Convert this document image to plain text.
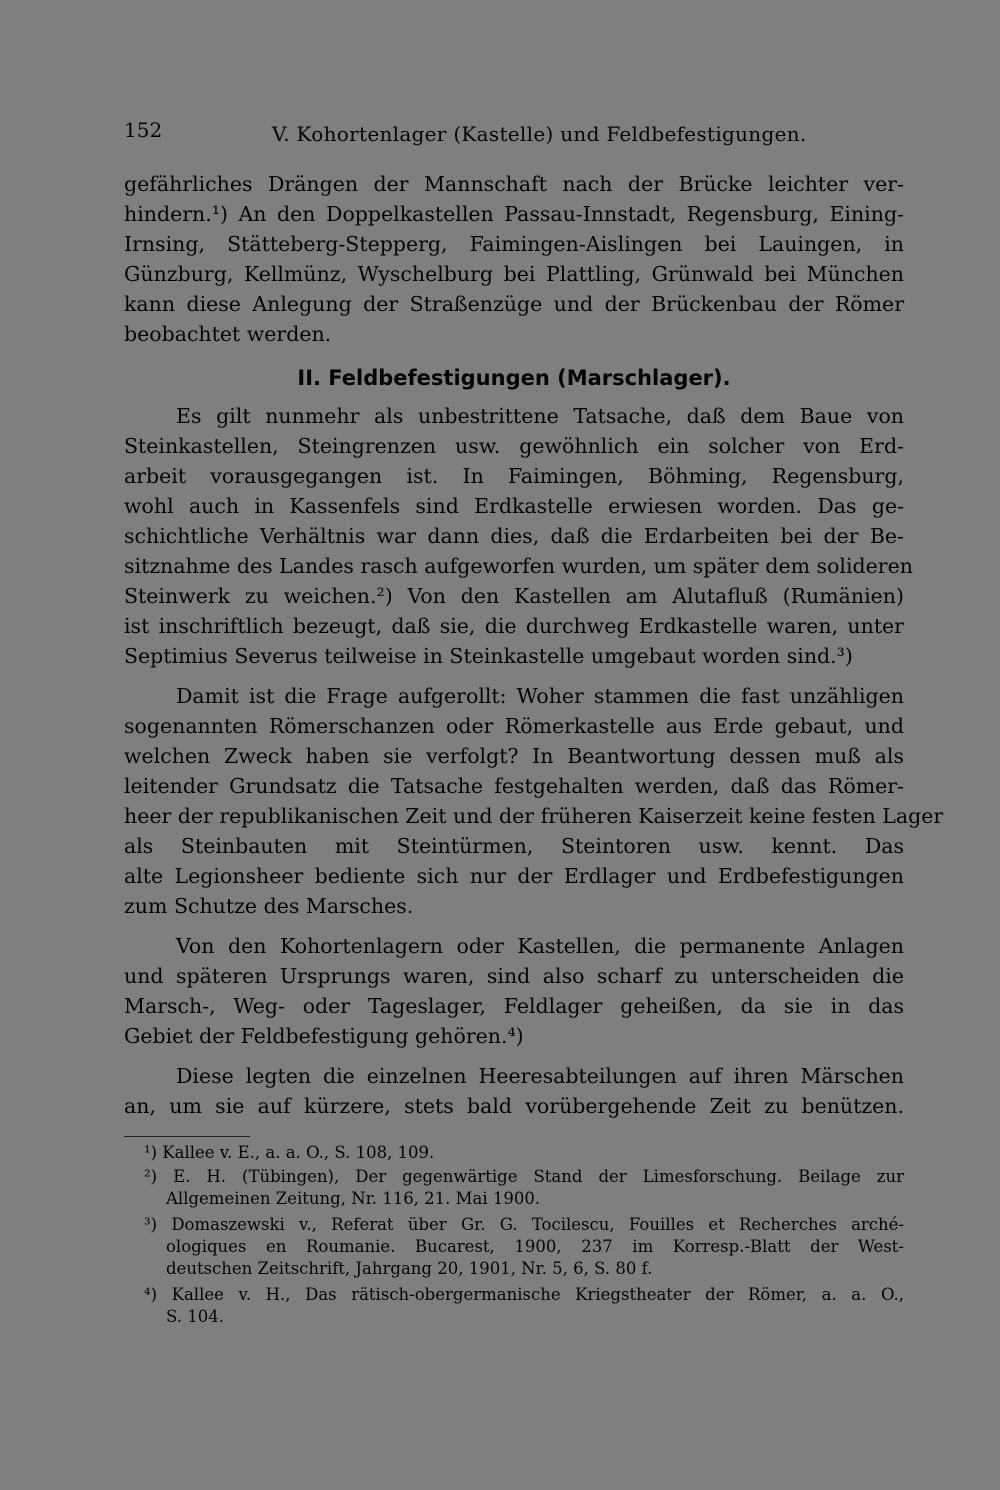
152	V. Kohortenlager (Kastelle) und Feldbefestigungen.
gefährliches Drängen der Mannschaft nach der Brücke leichter ver-
hindern.¹) An den Doppelkastellen Passau-Innstadt, Regensburg, Eining-
Irnsing, Stätteberg-Stepperg, Faimingen-Aislingen bei Lauingen, in
Günzburg, Kellmünz, Wyschelburg bei Plattling, Grünwald bei München
kann diese Anlegung der Straßenzüge und der Brückenbau der Römer
beobachtet werden.
II. Feldbefestigungen (Marschlager).
Es gilt nunmehr als unbestrittene Tatsache, daß dem Baue von
Steinkastellen, Steingrenzen usw. gewöhnlich ein solcher von Erd-
arbeit vorausgegangen ist. In Faimingen, Böhming, Regensburg,
wohl auch in Kassenfels sind Erdkastelle erwiesen worden. Das ge-
schichtliche Verhältnis war dann dies, daß die Erdarbeiten bei der Be-
sitznahme des Landes rasch aufgeworfen wurden, um später dem solideren
Steinwerk zu weichen.²) Von den Kastellen am Alutafluß (Rumänien)
ist inschriftlich bezeugt, daß sie, die durchweg Erdkastelle waren, unter
Septimius Severus teilweise in Steinkastelle umgebaut worden sind.³)
Damit ist die Frage aufgerollt: Woher stammen die fast unzähligen
sogenannten Römerschanzen oder Römerkastelle aus Erde gebaut, und
welchen Zweck haben sie verfolgt? In Beantwortung dessen muß als
leitender Grundsatz die Tatsache festgehalten werden, daß das Römer-
heer der republikanischen Zeit und der früheren Kaiserzeit keine festen Lager
als Steinbauten mit Steintürmen, Steintoren usw. kennt. Das
alte Legionsheer bediente sich nur der Erdlager und Erdbefestigungen
zum Schutze des Marsches.
Von den Kohortenlagern oder Kastellen, die permanente Anlagen
und späteren Ursprungs waren, sind also scharf zu unterscheiden die
Marsch-, Weg- oder Tageslager, Feldlager geheißen, da sie in das
Gebiet der Feldbefestigung gehören.⁴)
Diese legten die einzelnen Heeresabteilungen auf ihren Märschen
an, um sie auf kürzere, stets bald vorübergehende Zeit zu benützen.
¹) Kallee v. E., a. a. O., S. 108, 109.
²) E. H. (Tübingen), Der gegenwärtige Stand der Limesforschung. Beilage zur
Allgemeinen Zeitung, Nr. 116, 21. Mai 1900.
³) Domaszewski v., Referat über Gr. G. Tocilescu, Fouilles et Recherches arché-
ologiques en Roumanie. Bucarest, 1900, 237 im Korresp.-Blatt der West-
deutschen Zeitschrift, Jahrgang 20, 1901, Nr. 5, 6, S. 80 f.
⁴) Kallee v. H., Das rätisch-obergermanische Kriegstheater der Römer, a. a. O.,
S. 104.
